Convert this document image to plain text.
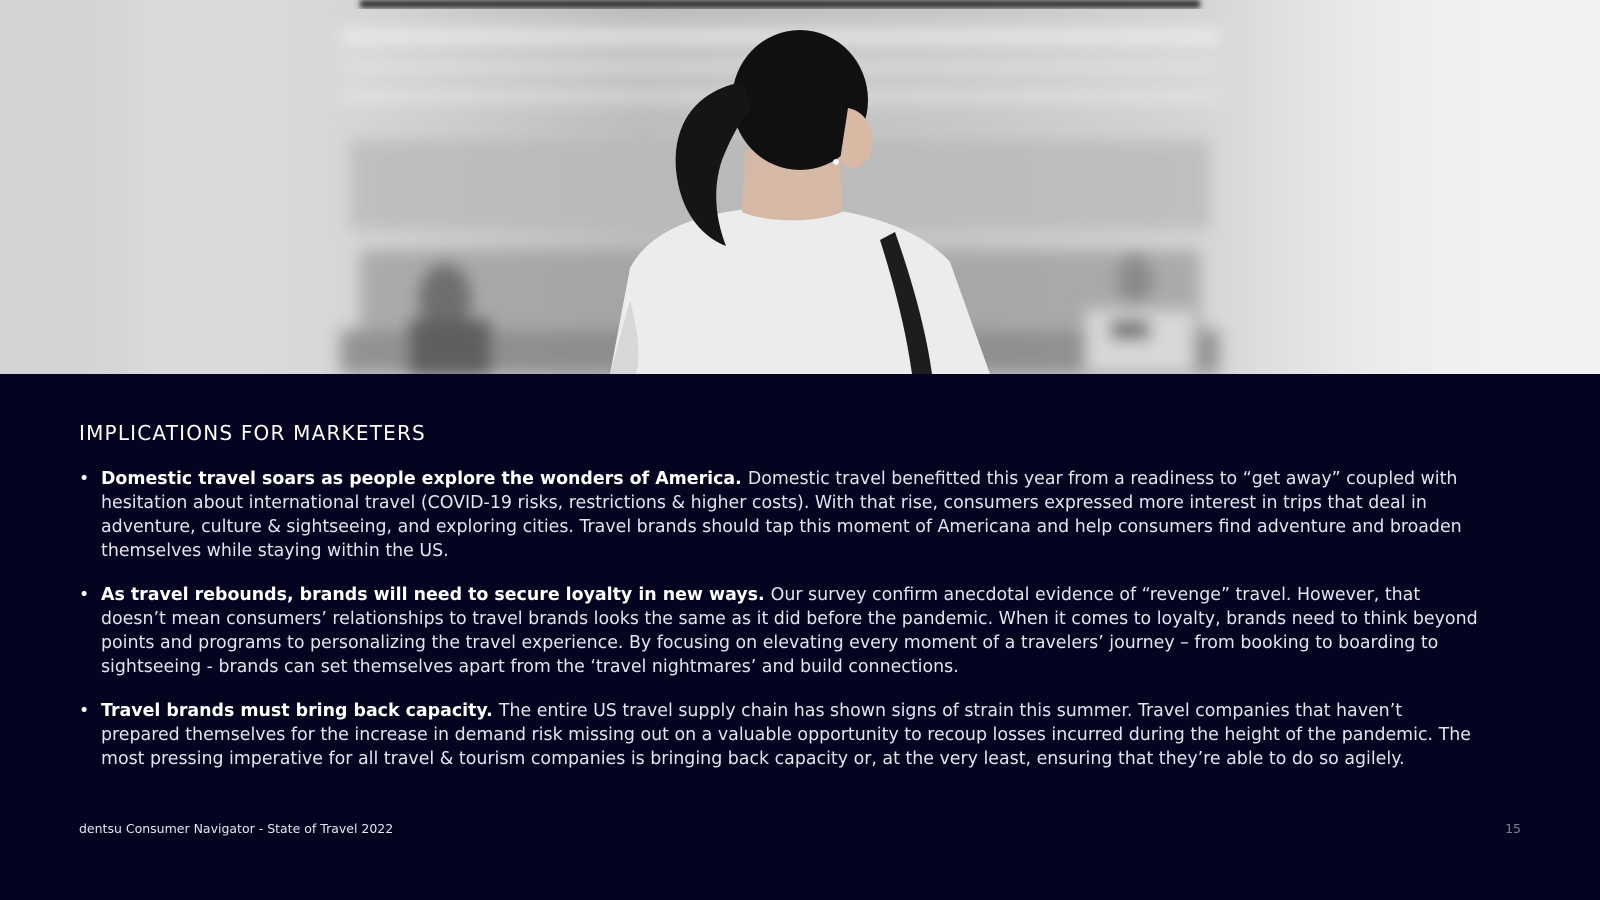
IMPLICATIONS FOR MARKETERS
• Domestic travel soars as people explore the wonders of America. Domestic travel benefitted this year from a readiness to “get away” coupled with hesitation about international travel (COVID-19 risks, restrictions & higher costs). With that rise, consumers expressed more interest in trips that deal in adventure, culture & sightseeing, and exploring cities. Travel brands should tap this moment of Americana and help consumers find adventure and broaden themselves while staying within the US.
• As travel rebounds, brands will need to secure loyalty in new ways. Our survey confirm anecdotal evidence of “revenge” travel. However, that doesn’t mean consumers’ relationships to travel brands looks the same as it did before the pandemic. When it comes to loyalty, brands need to think beyond points and programs to personalizing the travel experience. By focusing on elevating every moment of a travelers’ journey – from booking to boarding to sightseeing - brands can set themselves apart from the ‘travel nightmares’ and build connections.
• Travel brands must bring back capacity. The entire US travel supply chain has shown signs of strain this summer. Travel companies that haven’t prepared themselves for the increase in demand risk missing out on a valuable opportunity to recoup losses incurred during the height of the pandemic. The most pressing imperative for all travel & tourism companies is bringing back capacity or, at the very least, ensuring that they’re able to do so agilely.
dentsu Consumer Navigator - State of Travel 2022	15
